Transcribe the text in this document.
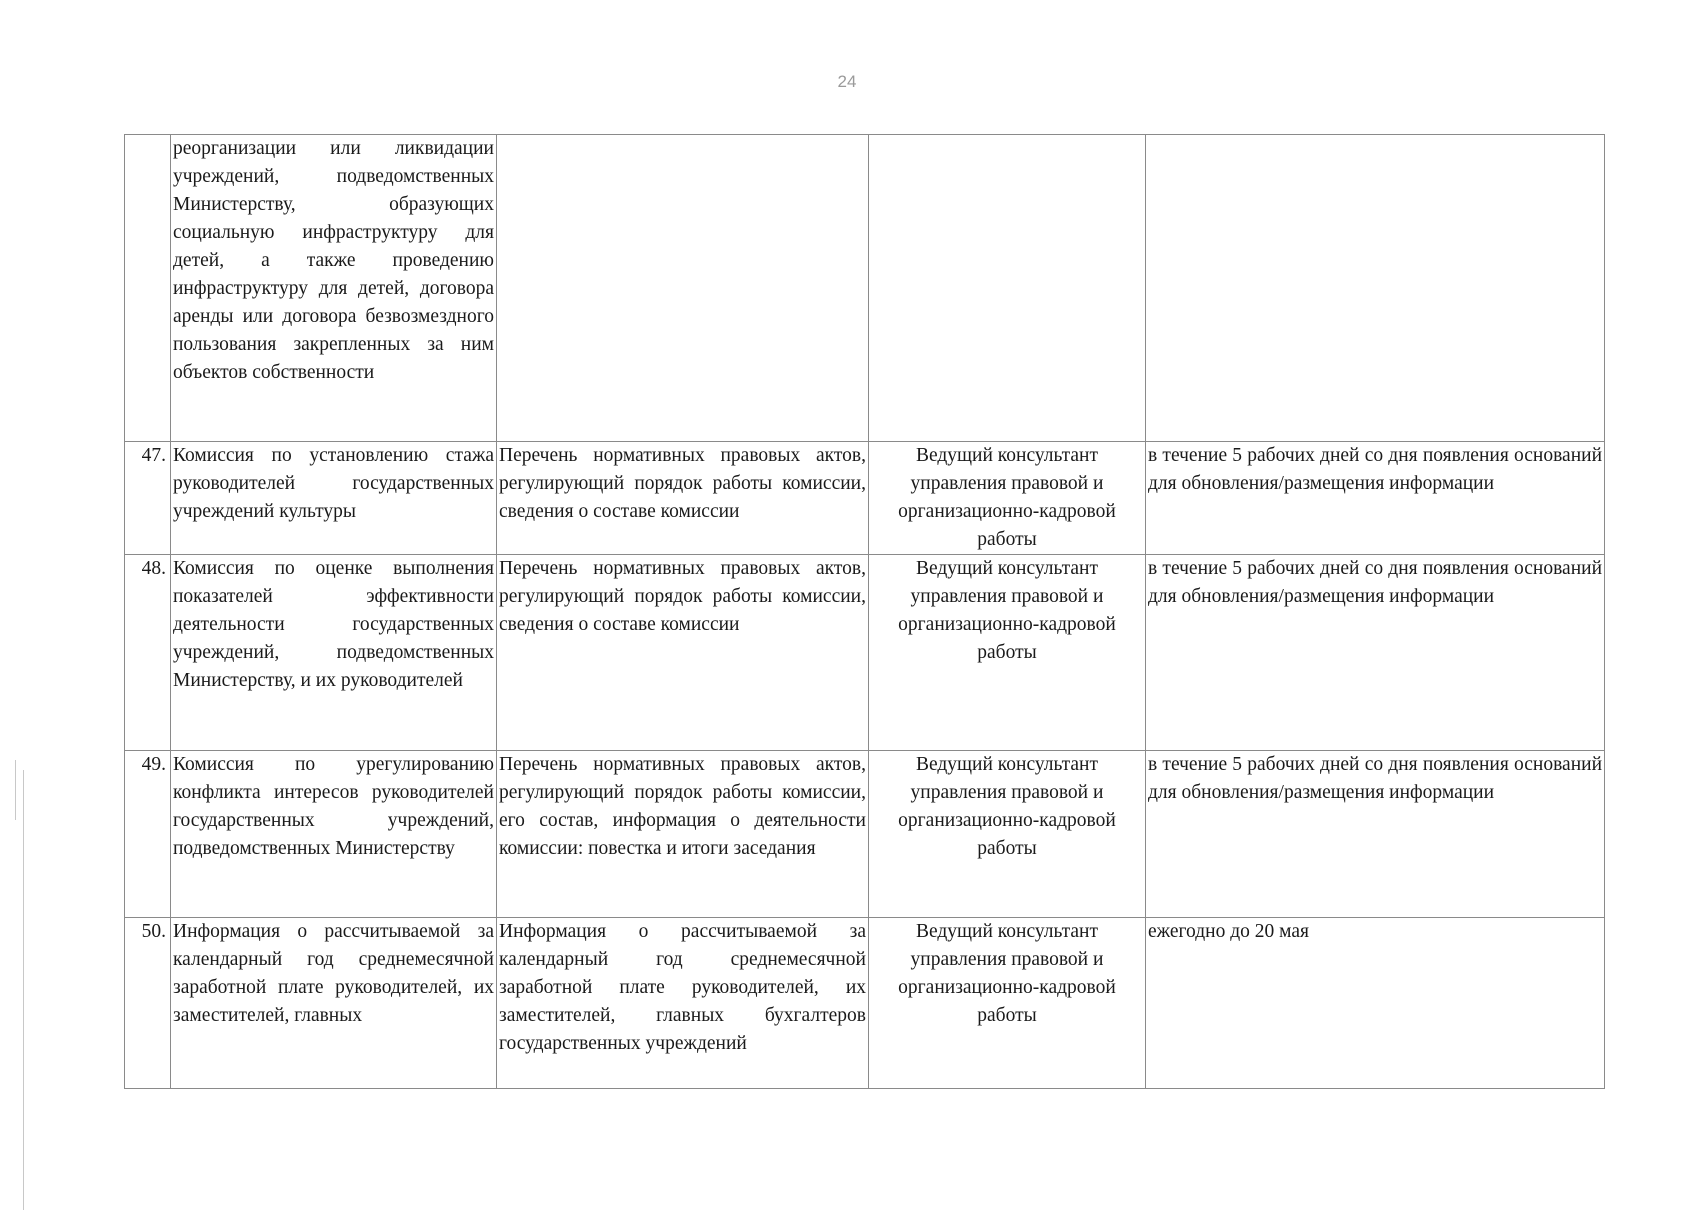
24
	реорганизации или ликвидации учреждений, подведомственных Министерству, образующих социальную инфраструктуру для детей, а также проведению инфраструктуру для детей, договора аренды или договора безвозмездного пользования закрепленных за ним объектов собственности			
47.	Комиссия по установлению стажа руководителей государственных учреждений культуры	Перечень нормативных правовых актов, регулирующий порядок работы комиссии, сведения о составе комиссии	Ведущий консультант управления правовой и организационно-кадровой работы	в течение 5 рабочих дней со дня появления оснований для обновления/размещения информации
48.	Комиссия по оценке выполнения показателей эффективности деятельности государственных учреждений, подведомственных Министерству, и их руководителей	Перечень нормативных правовых актов, регулирующий порядок работы комиссии, сведения о составе комиссии	Ведущий консультант управления правовой и организационно-кадровой работы	в течение 5 рабочих дней со дня появления оснований для обновления/размещения информации
49.	Комиссия по урегулированию конфликта интересов руководителей государственных учреждений, подведомственных Министерству	Перечень нормативных правовых актов, регулирующий порядок работы комиссии, его состав, информация о деятельности комиссии: повестка и итоги заседания	Ведущий консультант управления правовой и организационно-кадровой работы	в течение 5 рабочих дней со дня появления оснований для обновления/размещения информации
50.	Информация о рассчитываемой за календарный год среднемесячной заработной плате руководителей, их заместителей, главных	Информация о рассчитываемой за календарный год среднемесячной заработной плате руководителей, их заместителей, главных бухгалтеров государственных учреждений	Ведущий консультант управления правовой и организационно-кадровой работы	ежегодно до 20 мая
